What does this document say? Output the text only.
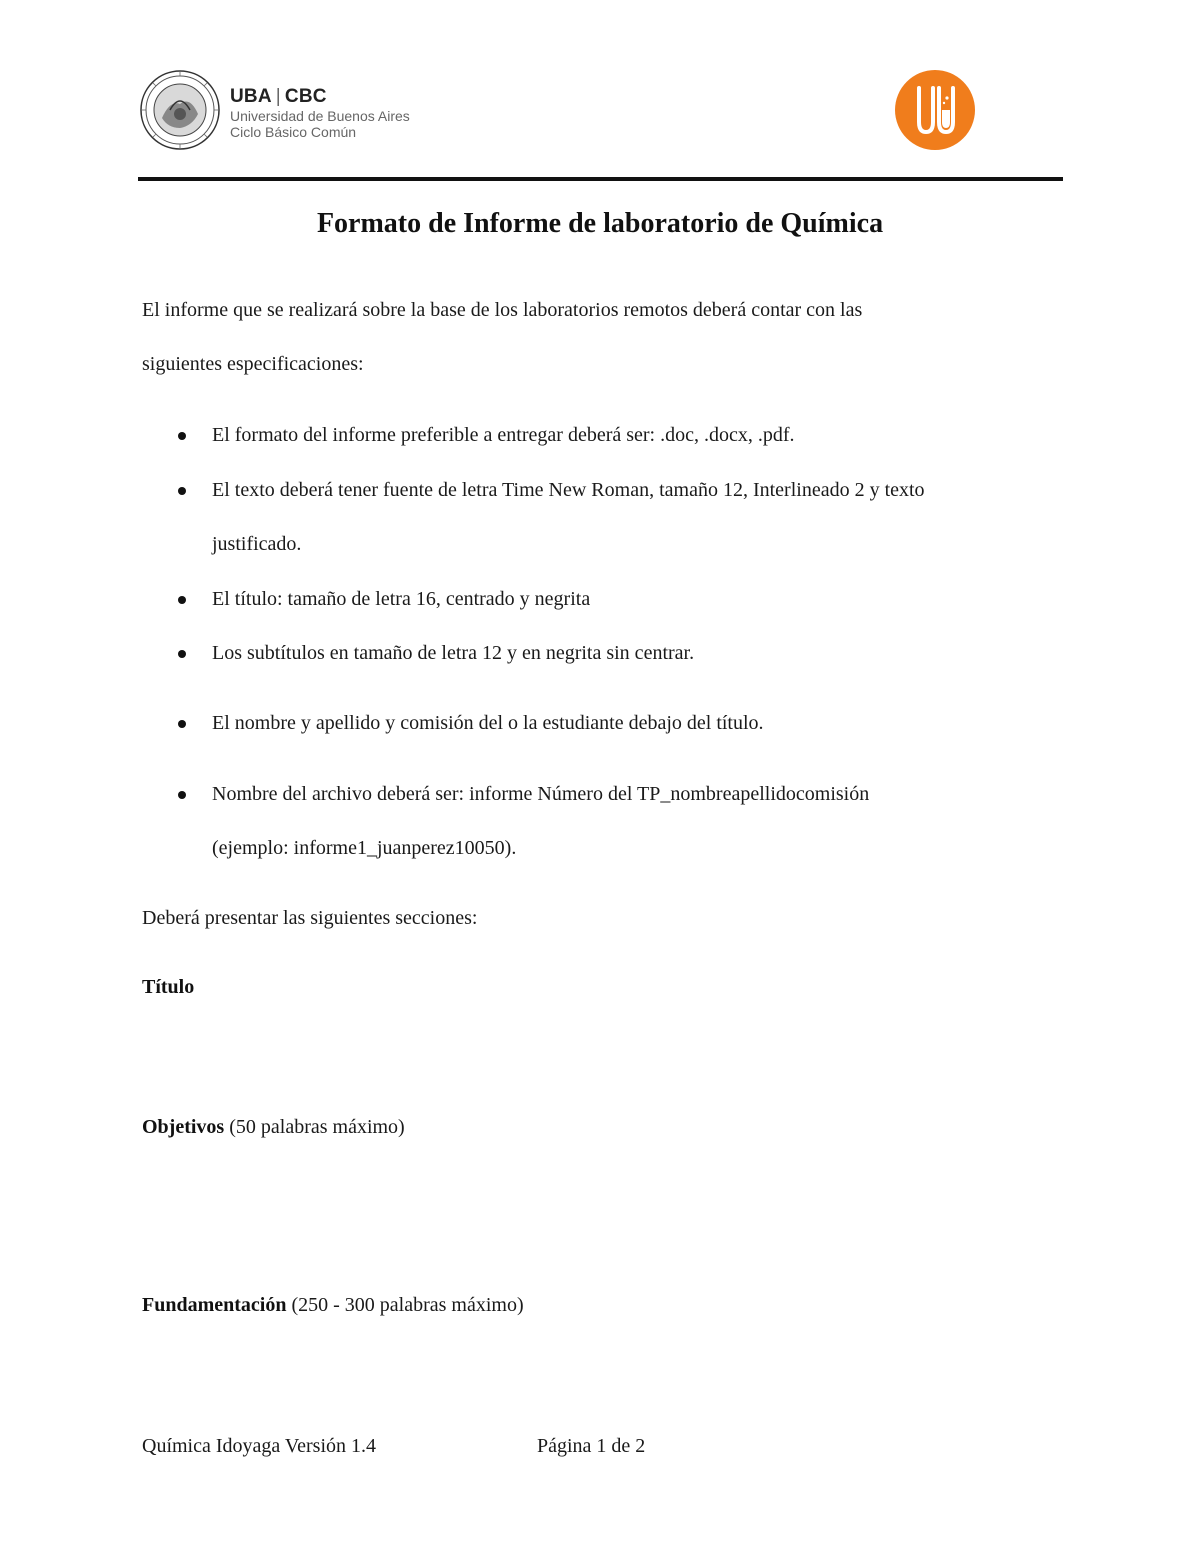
UBA | CBC
Universidad de Buenos Aires
Ciclo Básico Común
Formato de Informe de laboratorio de Química
El informe que se realizará sobre la base de los laboratorios remotos deberá contar con las
siguientes especificaciones:
El formato del informe preferible a entregar deberá ser: .doc, .docx, .pdf.
El texto deberá tener fuente de letra Time New Roman, tamaño 12, Interlineado 2 y texto
justificado.
El título: tamaño de letra 16, centrado y negrita
Los subtítulos en tamaño de letra 12 y en negrita sin centrar.
El nombre y apellido y comisión del o la estudiante debajo del título.
Nombre del archivo deberá ser: informe Número del TP_nombreapellidocomisión
(ejemplo: informe1_juanperez10050).
Deberá presentar las siguientes secciones:
Título
Objetivos (50 palabras máximo)
Fundamentación (250 - 300 palabras máximo)
Química Idoyaga Versión 1.4	Página 1 de 2
